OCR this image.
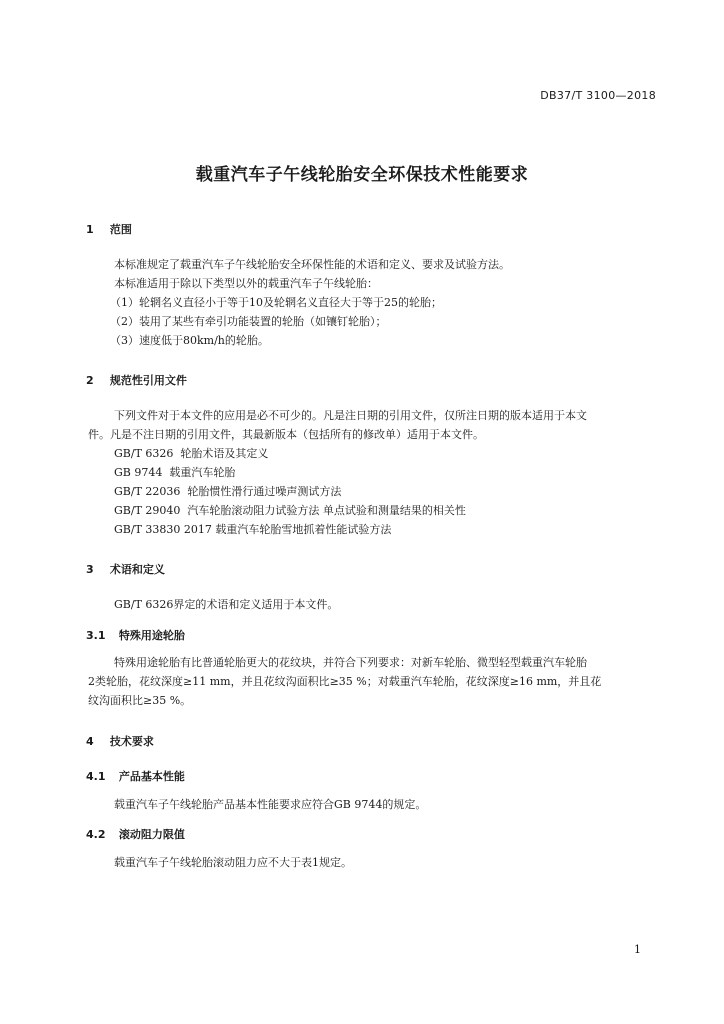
DB37/T 3100—2018
载重汽车子午线轮胎安全环保技术性能要求
1 范围
本标准规定了载重汽车子午线轮胎安全环保性能的术语和定义、要求及试验方法。
本标准适用于除以下类型以外的载重汽车子午线轮胎：
（1）轮辋名义直径小于等于10及轮辋名义直径大于等于25的轮胎；
（2）装用了某些有牵引功能装置的轮胎（如镶钉轮胎）；
（3）速度低于80km/h的轮胎。
2 规范性引用文件
下列文件对于本文件的应用是必不可少的。凡是注日期的引用文件，仅所注日期的版本适用于本文
件。凡是不注日期的引用文件，其最新版本（包括所有的修改单）适用于本文件。
GB/T 6326  轮胎术语及其定义
GB 9744  载重汽车轮胎
GB/T 22036  轮胎惯性滑行通过噪声测试方法
GB/T 29040  汽车轮胎滚动阻力试验方法 单点试验和测量结果的相关性
GB/T 33830 2017 载重汽车轮胎雪地抓着性能试验方法
3 术语和定义
GB/T 6326界定的术语和定义适用于本文件。
3.1 特殊用途轮胎
特殊用途轮胎有比普通轮胎更大的花纹块，并符合下列要求：对新车轮胎、微型轻型载重汽车轮胎
2类轮胎，花纹深度≥11 mm，并且花纹沟面积比≥35 %；对载重汽车轮胎，花纹深度≥16 mm，并且花
纹沟面积比≥35 %。
4 技术要求
4.1 产品基本性能
载重汽车子午线轮胎产品基本性能要求应符合GB 9744的规定。
4.2 滚动阻力限值
载重汽车子午线轮胎滚动阻力应不大于表1规定。
1
